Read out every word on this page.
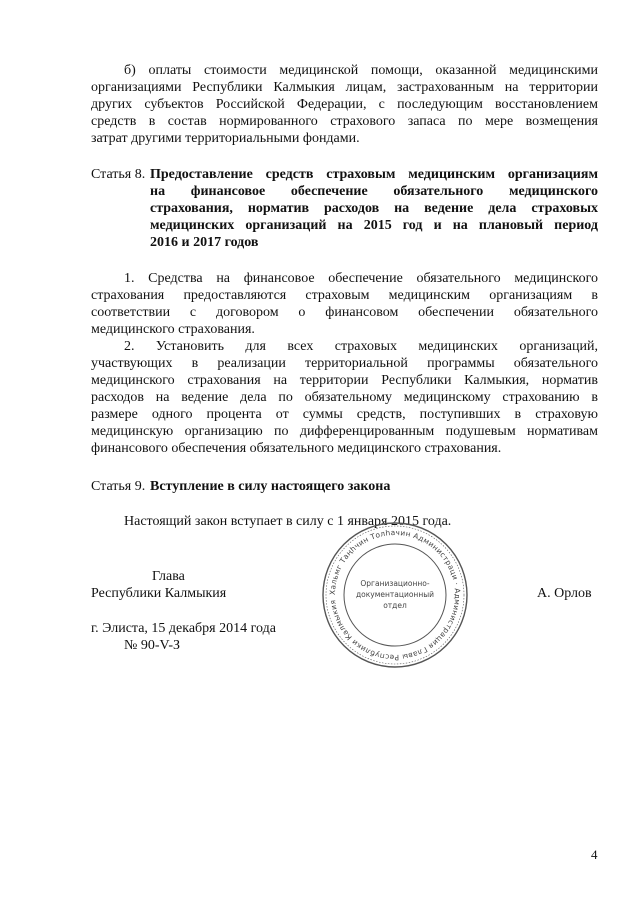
б) оплаты стоимости медицинской помощи, оказанной медицинскими
организациями Республики Калмыкия лицам, застрахованным на территории
других субъектов Российской Федерации, с последующим восстановлением
средств в состав нормированного страхового запаса по мере возмещения
затрат другими территориальными фондами.
Статья 8. Предоставление средств страховым медицинским организациям
на финансовое обеспечение обязательного медицинского
страхования, норматив расходов на ведение дела страховых
медицинских организаций на 2015 год и на плановый период
2016 и 2017 годов
1. Средства на финансовое обеспечение обязательного медицинского
страхования предоставляются страховым медицинским организациям в
соответствии с договором о финансовом обеспечении обязательного
медицинского страхования.
2. Установить для всех страховых медицинских организаций,
участвующих в реализации территориальной программы обязательного
медицинского страхования на территории Республики Калмыкия, норматив
расходов на ведение дела по обязательному медицинскому страхованию в
размере одного процента от суммы средств, поступивших в страховую
медицинскую организацию по дифференцированным подушевым нормативам
финансового обеспечения обязательного медицинского страхования.
Статья 9. Вступление в силу настоящего закона
Настоящий закон вступает в силу с 1 января 2015 года.
Глава
Республики Калмыкия	А. Орлов
г. Элиста, 15 декабря 2014 года
№ 90-V-З
Хальмг Таңһчин Толһачин Администраци · Администрация Главы Республики Калмыкия
Организационно-
документационный
отдел
4
